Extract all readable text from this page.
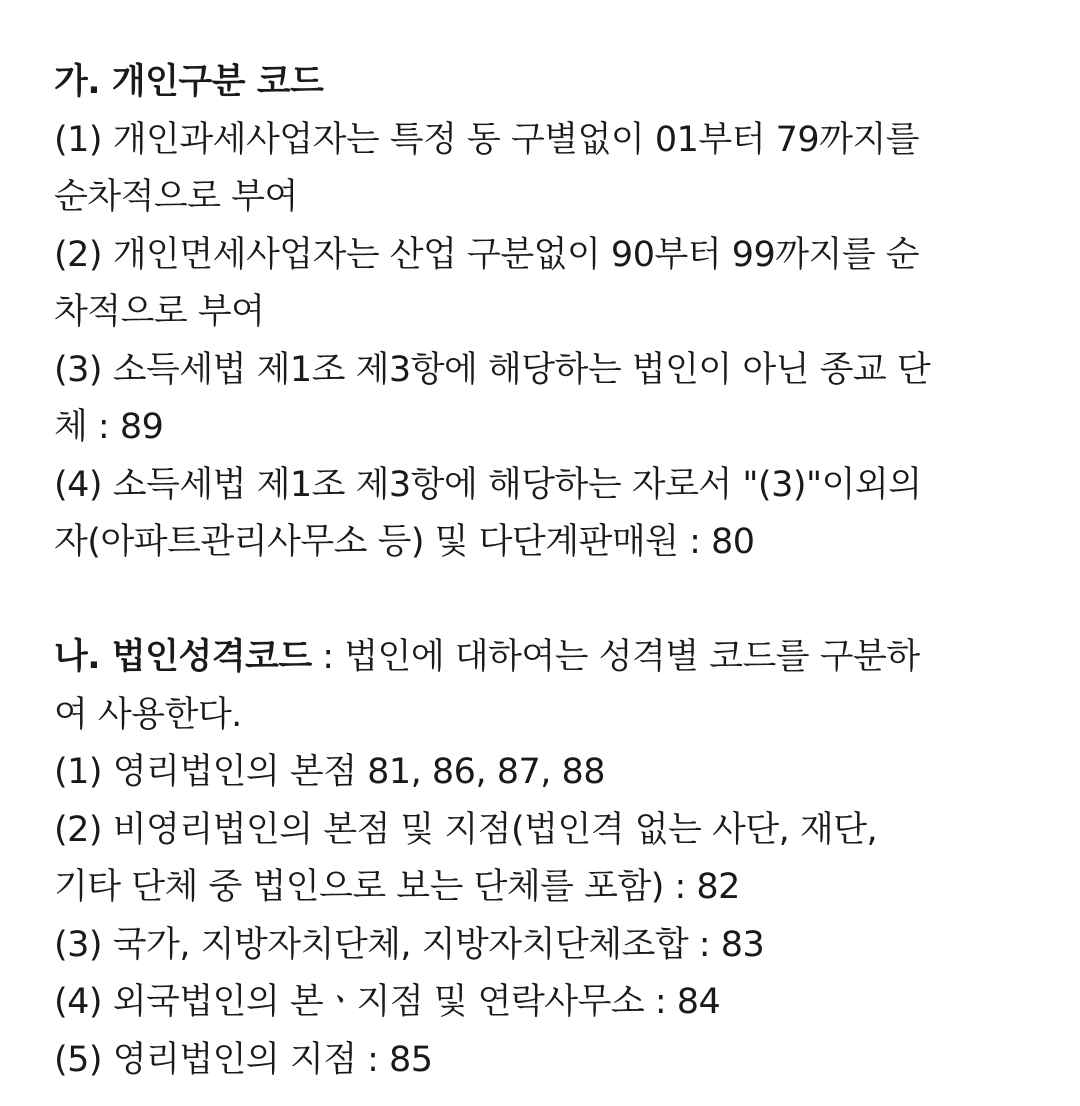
가. 개인구분 코드
(1) 개인과세사업자는 특정 동 구별없이 01부터 79까지를
순차적으로 부여
(2) 개인면세사업자는 산업 구분없이 90부터 99까지를 순
차적으로 부여
(3) 소득세법 제1조 제3항에 해당하는 법인이 아닌 종교 단
체 : 89
(4) 소득세법 제1조 제3항에 해당하는 자로서 "(3)"이외의
자(아파트관리사무소 등) 및 다단계판매원 : 80
나. 법인성격코드 : 법인에 대하여는 성격별 코드를 구분하
여 사용한다.
(1) 영리법인의 본점 81, 86, 87, 88
(2) 비영리법인의 본점 및 지점(법인격 없는 사단, 재단,
기타 단체 중 법인으로 보는 단체를 포함) : 82
(3) 국가, 지방자치단체, 지방자치단체조합 : 83
(4) 외국법인의 본ㆍ지점 및 연락사무소 : 84
(5) 영리법인의 지점 : 85
